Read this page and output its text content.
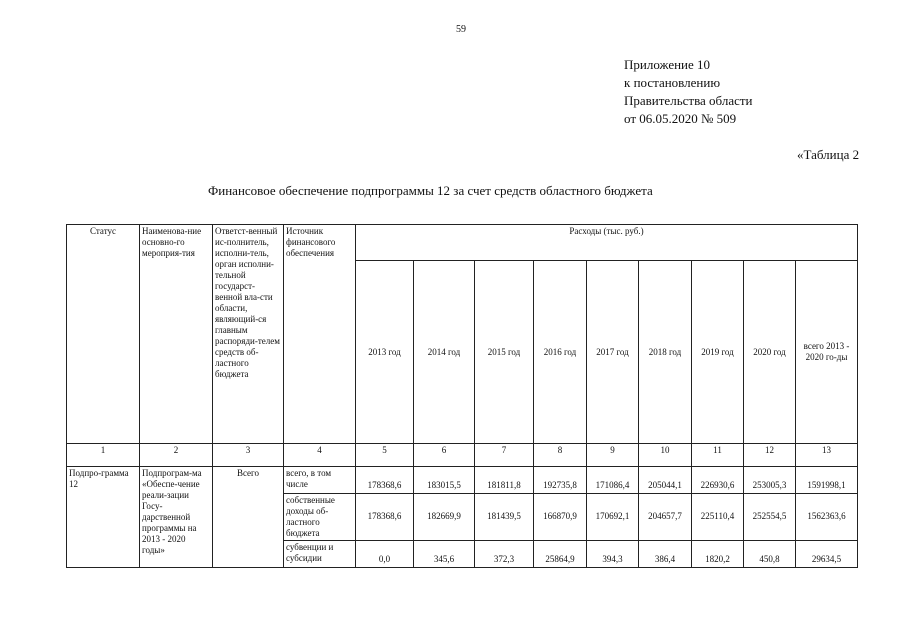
59
Приложение 10
к постановлению
Правительства области
от 06.05.2020 № 509
«Таблица 2
Финансовое обеспечение подпрограммы 12 за счет средств областного бюджета
Статус	Наименова-ние основно-го мероприя-тия	Ответст-венный ис-полнитель, исполни-тель, орган исполни-тельной государст-венной вла-сти области, являющий-ся главным распоряди-телем средств об-ластного бюджета	Источник финансового обеспечения	Расходы (тыс. руб.)								
				2013 год	2014 год	2015 год	2016 год	2017 год	2018 год	2019 год	2020 год	всего 2013 - 2020 го-ды
1	2	3	4	5	6	7	8	9	10	11	12	13
Подпро-грамма 12	Подпрограм-ма «Обеспе-чение реали-зации Госу-дарственной программы на 2013 - 2020 годы»	Всего	всего, в том числе	178368,6	183015,5	181811,8	192735,8	171086,4	205044,1	226930,6	253005,3	1591998,1
			собственные доходы об-ластного бюджета	178368,6	182669,9	181439,5	166870,9	170692,1	204657,7	225110,4	252554,5	1562363,6
			субвенции и субсидии	0,0	345,6	372,3	25864,9	394,3	386,4	1820,2	450,8	29634,5
